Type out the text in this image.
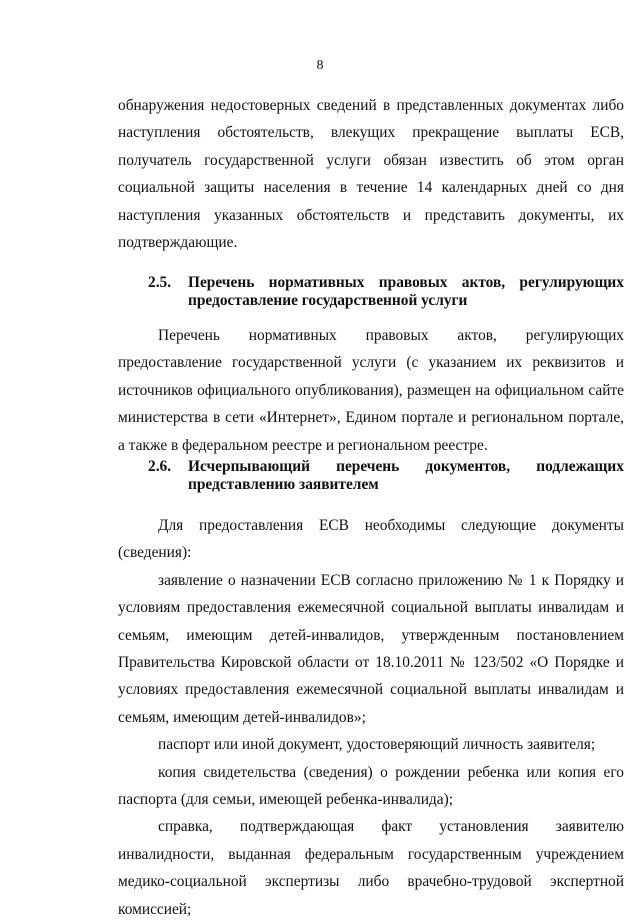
8

обнаружения недостоверных сведений в представленных документах либо наступления обстоятельств, влекущих прекращение выплаты ЕСВ, получатель государственной услуги обязан известить об этом орган социальной защиты населения в течение 14 календарных дней со дня наступления указанных обстоятельств и представить документы, их подтверждающие.

2.5. Перечень нормативных правовых актов, регулирующих предоставление государственной услуги

Перечень нормативных правовых актов, регулирующих предоставление государственной услуги (с указанием их реквизитов и источников официального опубликования), размещен на официальном сайте министерства в сети «Интернет», Едином портале и региональном портале, а также в федеральном реестре и региональном реестре.

2.6. Исчерпывающий перечень документов, подлежащих представлению заявителем

Для предоставления ЕСВ необходимы следующие документы (сведения):

заявление о назначении ЕСВ согласно приложению № 1 к Порядку и условиям предоставления ежемесячной социальной выплаты инвалидам и семьям, имеющим детей-инвалидов, утвержденным постановлением Правительства Кировской области от 18.10.2011 № 123/502 «О Порядке и условиях предоставления ежемесячной социальной выплаты инвалидам и семьям, имеющим детей-инвалидов»;

паспорт или иной документ, удостоверяющий личность заявителя;

копия свидетельства (сведения) о рождении ребенка или копия его паспорта (для семьи, имеющей ребенка-инвалида);

справка, подтверждающая факт установления заявителю инвалидности, выданная федеральным государственным учреждением медико-социальной экспертизы либо врачебно-трудовой экспертной комиссией;
